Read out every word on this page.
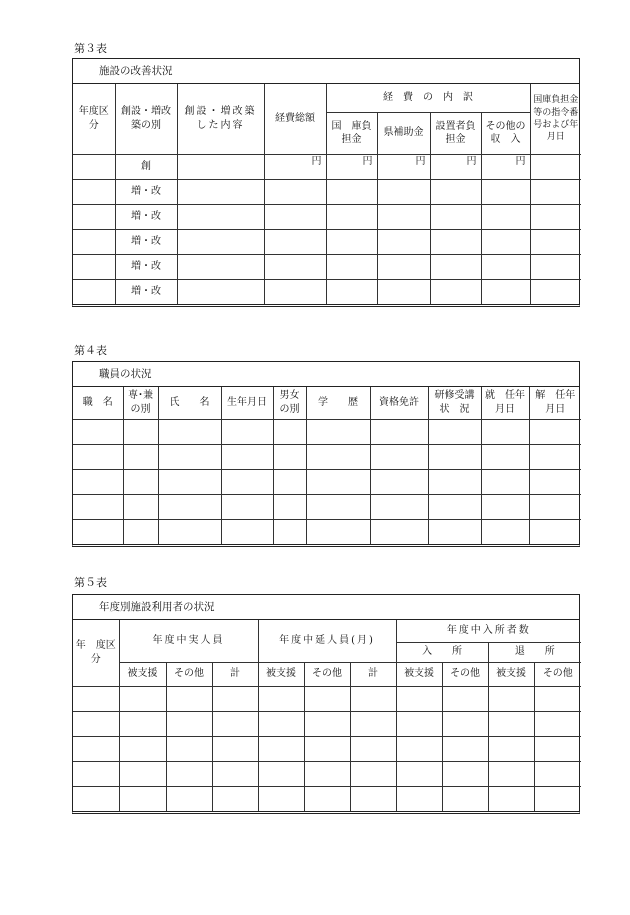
第３表
施設の改善状況
年度区分	創設・増改築の別	創設・増改築した内容	経費総額	経　費　の　内　訳				国庫負担金等の指令番号および年月日
				国　庫負担金	県補助金	設置者負担金	その他の収　入	
	創		円	円	円	円	円	
	増・改							
	増・改							
	増・改							
	増・改							
	増・改							
第４表
職員の状況
職　名	専･兼の別	氏　　名	生年月日	男女の別	学　　歴	資格免許	研修受講状　況	就　任年月日	解　任年月日

第５表
年度別施設利用者の状況
年　度区　分	年度中実人員			年度中延人員(月)			年度中入所者数			
							入　　所		退　　所	
	被支援	その他	計	被支援	その他	計	被支援	その他	被支援	その他
